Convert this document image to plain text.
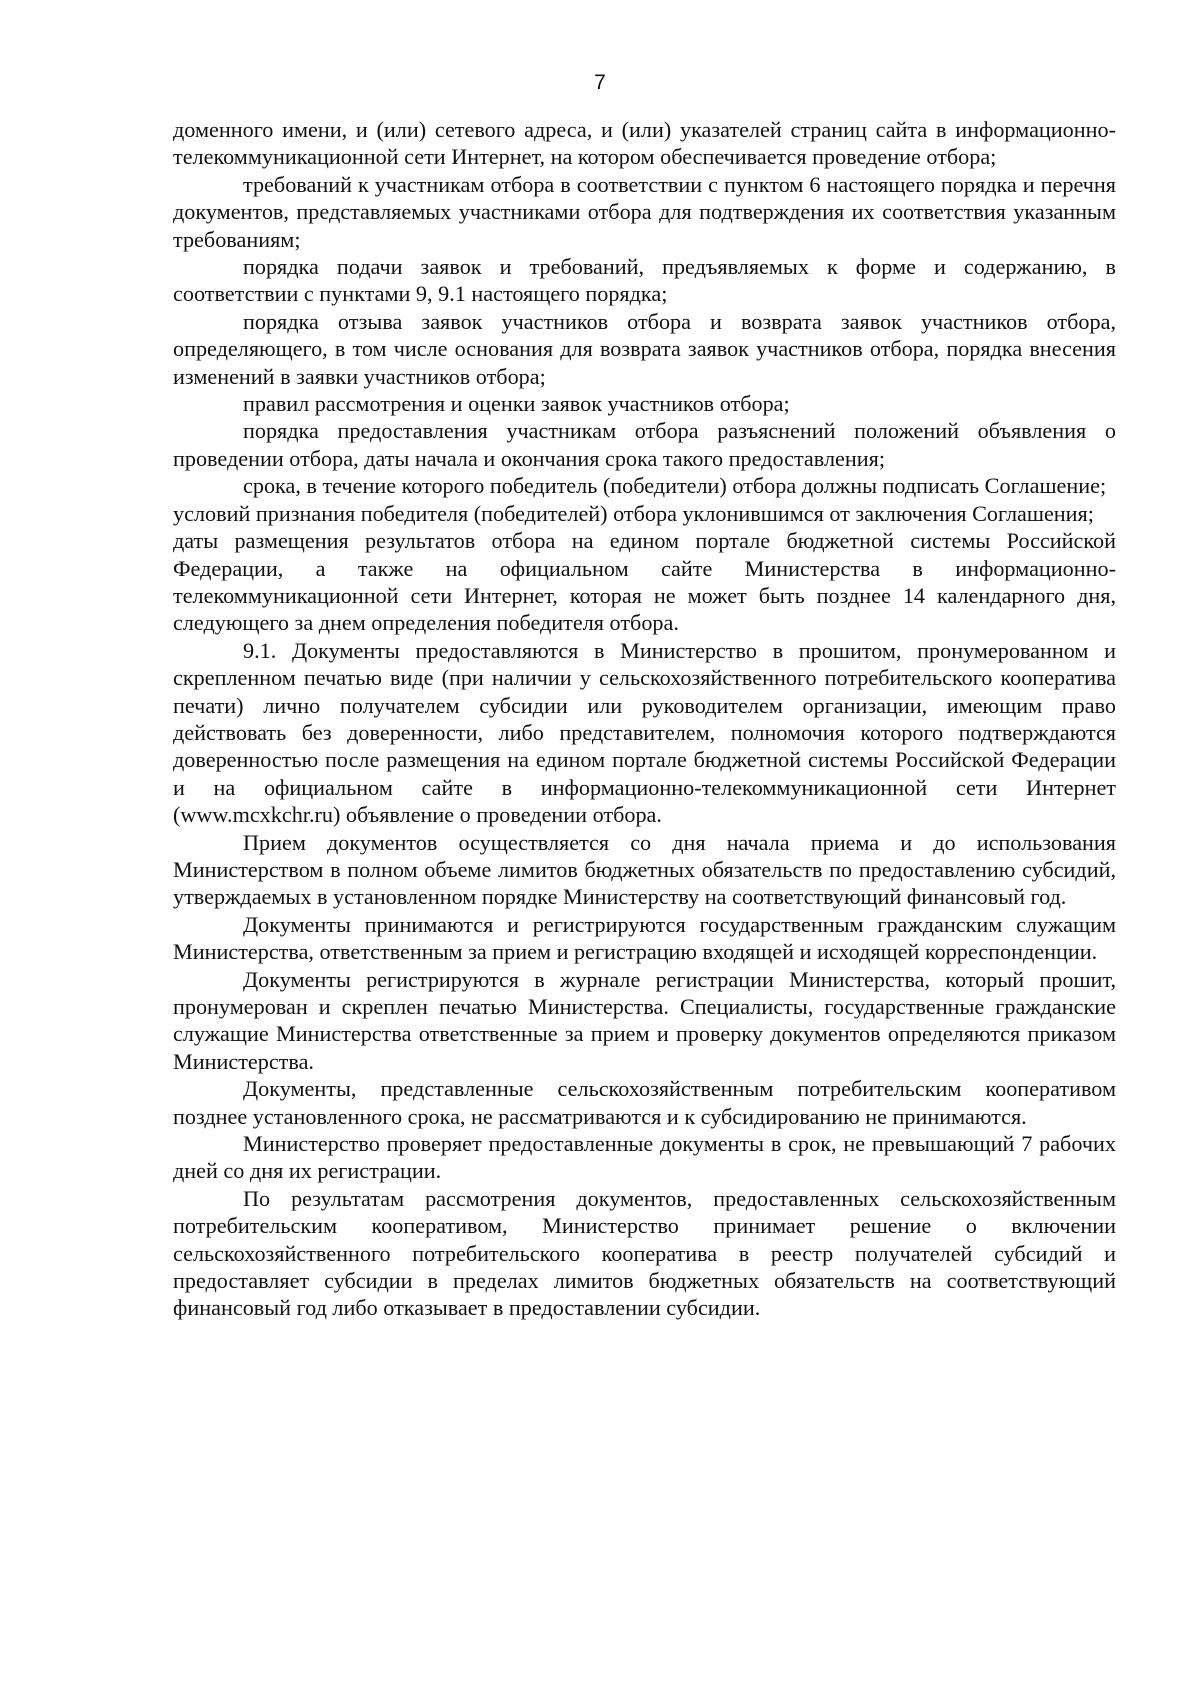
7

доменного имени, и (или) сетевого адреса, и (или) указателей страниц сайта в информационно-телекоммуникационной сети Интернет, на котором обеспечивается проведение отбора;

требований к участникам отбора в соответствии с пунктом 6 настоящего порядка и перечня документов, представляемых участниками отбора для подтверждения их соответствия указанным требованиям;

порядка подачи заявок и требований, предъявляемых к форме и содержанию, в соответствии с пунктами 9, 9.1 настоящего порядка;

порядка отзыва заявок участников отбора и возврата заявок участников отбора, определяющего, в том числе основания для возврата заявок участников отбора, порядка внесения изменений в заявки участников отбора;

правил рассмотрения и оценки заявок участников отбора;

порядка предоставления участникам отбора разъяснений положений объявления о проведении отбора, даты начала и окончания срока такого предоставления;

срока, в течение которого победитель (победители) отбора должны подписать Соглашение;

условий признания победителя (победителей) отбора уклонившимся от заключения Соглашения;

даты размещения результатов отбора на едином портале бюджетной системы Российской Федерации, а также на официальном сайте Министерства в информационно-телекоммуникационной сети Интернет, которая не может быть позднее 14 календарного дня, следующего за днем определения победителя отбора.

9.1. Документы предоставляются в Министерство в прошитом, пронумерованном и скрепленном печатью виде (при наличии у сельскохозяйственного потребительского кооператива печати) лично получателем субсидии или руководителем организации, имеющим право действовать без доверенности, либо представителем, полномочия которого подтверждаются доверенностью после размещения на едином портале бюджетной системы Российской Федерации и на официальном сайте в информационно-телекоммуникационной сети Интернет (www.mcxkchr.ru) объявление о проведении отбора.

Прием документов осуществляется со дня начала приема и до использования Министерством в полном объеме лимитов бюджетных обязательств по предоставлению субсидий, утверждаемых в установленном порядке Министерству на соответствующий финансовый год.

Документы принимаются и регистрируются государственным гражданским служащим Министерства, ответственным за прием и регистрацию входящей и исходящей корреспонденции.

Документы регистрируются в журнале регистрации Министерства, который прошит, пронумерован и скреплен печатью Министерства. Специалисты, государственные гражданские служащие Министерства ответственные за прием и проверку документов определяются приказом Министерства.

Документы, представленные сельскохозяйственным потребительским кооперативом позднее установленного срока, не рассматриваются и к субсидированию не принимаются.

Министерство проверяет предоставленные документы в срок, не превышающий 7 рабочих дней со дня их регистрации.

По результатам рассмотрения документов, предоставленных сельскохозяйственным потребительским кооперативом, Министерство принимает решение о включении сельскохозяйственного потребительского кооператива в реестр получателей субсидий и предоставляет субсидии в пределах лимитов бюджетных обязательств на соответствующий финансовый год либо отказывает в предоставлении субсидии.
